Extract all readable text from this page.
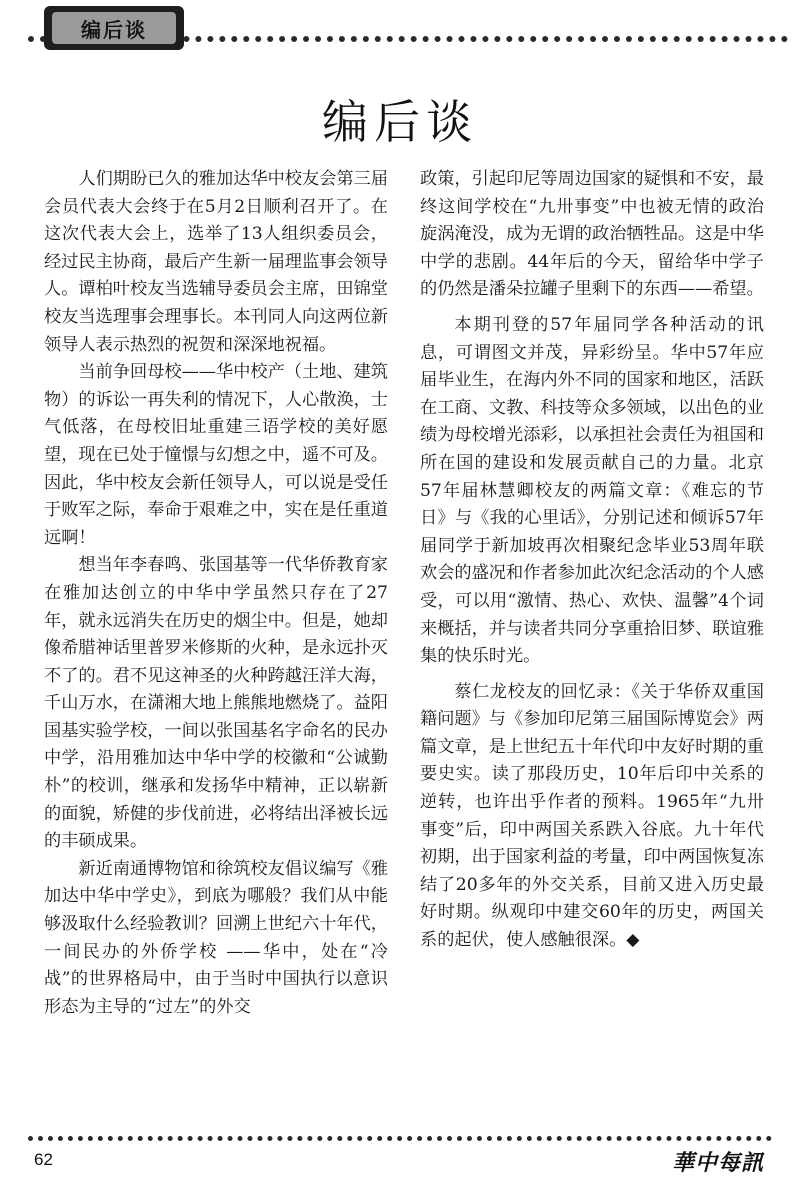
编后谈
编后谈

人们期盼已久的雅加达华中校友会第三届会员代表大会终于在5月2日顺利召开了。在这次代表大会上，选举了13人组织委员会，经过民主协商，最后产生新一届理监事会领导人。谭柏叶校友当选辅导委员会主席，田锦堂校友当选理事会理事长。本刊同人向这两位新领导人表示热烈的祝贺和深深地祝福。

当前争回母校——华中校产（土地、建筑物）的诉讼一再失利的情况下，人心散涣，士气低落，在母校旧址重建三语学校的美好愿望，现在已处于憧憬与幻想之中，遥不可及。因此，华中校友会新任领导人，可以说是受任于败军之际，奉命于艰难之中，实在是任重道远啊！

想当年李春鸣、张国基等一代华侨教育家在雅加达创立的中华中学虽然只存在了27年，就永远消失在历史的烟尘中。但是，她却像希腊神话里普罗米修斯的火种，是永远扑灭不了的。君不见这神圣的火种跨越汪洋大海，千山万水，在潇湘大地上熊熊地燃烧了。益阳国基实验学校，一间以张国基名字命名的民办中学，沿用雅加达中华中学的校徽和“公诚勤朴”的校训，继承和发扬华中精神，正以崭新的面貌，矫健的步伐前进，必将结出泽被长远的丰硕成果。

新近南通博物馆和徐筑校友倡议编写《雅加达中华中学史》，到底为哪般？我们从中能够汲取什么经验教训？回溯上世纪六十年代，一间民办的外侨学校 ——华中，处在“冷战”的世界格局中，由于当时中国执行以意识形态为主导的“过左”的外交

政策，引起印尼等周边国家的疑惧和不安，最终这间学校在“九卅事变”中也被无情的政治旋涡淹没，成为无谓的政治牺牲品。这是中华中学的悲剧。44年后的今天，留给华中学子的仍然是潘朵拉罐子里剩下的东西——希望。

本期刊登的57年届同学各种活动的讯息，可谓图文并茂，异彩纷呈。华中57年应届毕业生，在海内外不同的国家和地区，活跃在工商、文教、科技等众多领域，以出色的业绩为母校增光添彩，以承担社会责任为祖国和所在国的建设和发展贡献自己的力量。北京57年届林慧卿校友的两篇文章：《难忘的节日》与《我的心里话》，分别记述和倾诉57年届同学于新加坡再次相聚纪念毕业53周年联欢会的盛况和作者参加此次纪念活动的个人感受，可以用“激情、热心、欢快、温馨”4个词来概括，并与读者共同分享重拾旧梦、联谊雅集的快乐时光。

蔡仁龙校友的回忆录：《关于华侨双重国籍问题》与《参加印尼第三届国际博览会》两篇文章，是上世纪五十年代印中友好时期的重要史实。读了那段历史，10年后印中关系的逆转，也许出乎作者的预料。1965年“九卅事变”后，印中两国关系跌入谷底。九十年代初期，出于国家利益的考量，印中两国恢复冻结了20多年的外交关系，目前又进入历史最好时期。纵观印中建交60年的历史，两国关系的起伏，使人感触很深。◆

62	華中每訊
